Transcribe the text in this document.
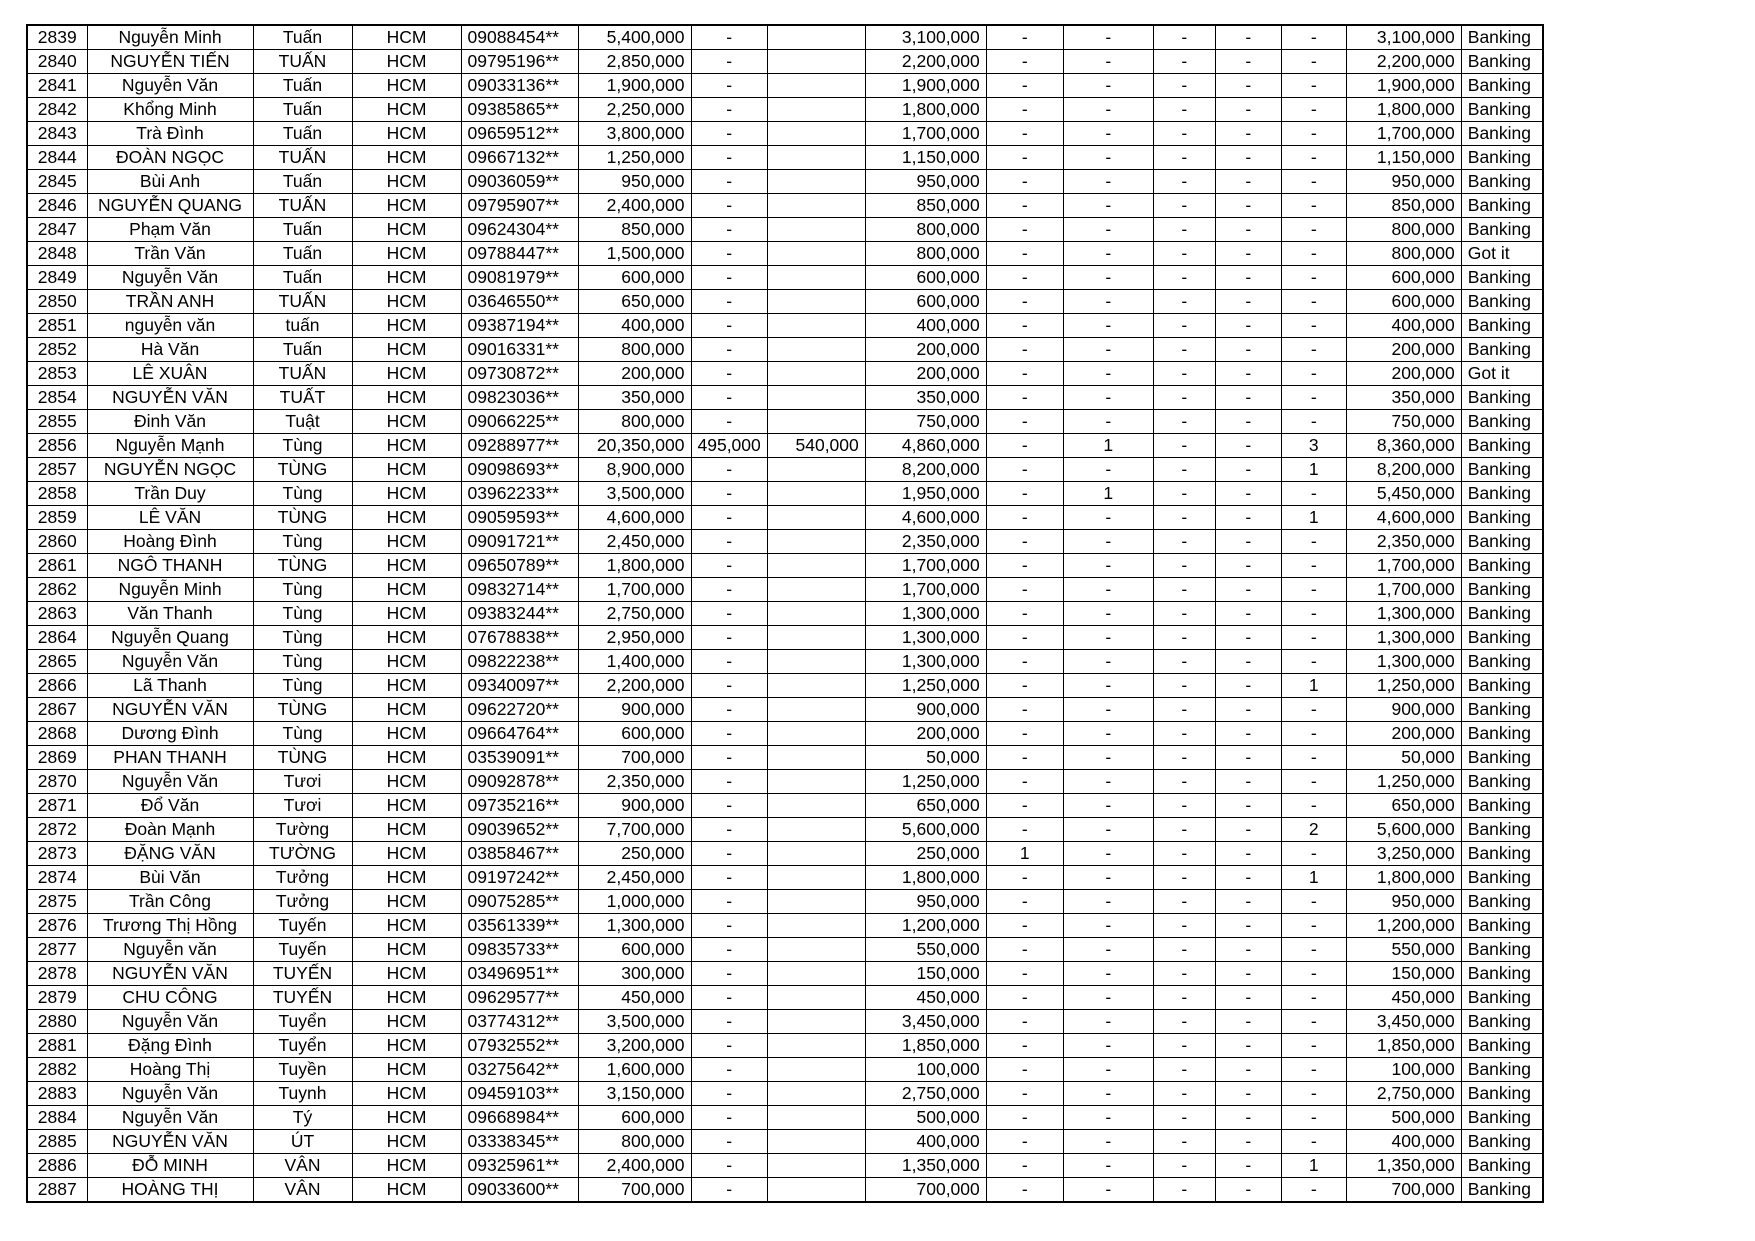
2839	Nguyễn Minh	Tuấn	HCM	09088454**	5,400,000	-		3,100,000	-	-	-	-	-	3,100,000	Banking
2840	NGUYỄN TIẾN	TUẤN	HCM	09795196**	2,850,000	-		2,200,000	-	-	-	-	-	2,200,000	Banking
2841	Nguyễn Văn	Tuấn	HCM	09033136**	1,900,000	-		1,900,000	-	-	-	-	-	1,900,000	Banking
2842	Khổng Minh	Tuấn	HCM	09385865**	2,250,000	-		1,800,000	-	-	-	-	-	1,800,000	Banking
2843	Trà Đình	Tuấn	HCM	09659512**	3,800,000	-		1,700,000	-	-	-	-	-	1,700,000	Banking
2844	ĐOÀN NGỌC	TUẤN	HCM	09667132**	1,250,000	-		1,150,000	-	-	-	-	-	1,150,000	Banking
2845	Bùi Anh	Tuấn	HCM	09036059**	950,000	-		950,000	-	-	-	-	-	950,000	Banking
2846	NGUYỄN QUANG	TUẤN	HCM	09795907**	2,400,000	-		850,000	-	-	-	-	-	850,000	Banking
2847	Phạm Văn	Tuấn	HCM	09624304**	850,000	-		800,000	-	-	-	-	-	800,000	Banking
2848	Trần Văn	Tuấn	HCM	09788447**	1,500,000	-		800,000	-	-	-	-	-	800,000	Got it
2849	Nguyễn Văn	Tuấn	HCM	09081979**	600,000	-		600,000	-	-	-	-	-	600,000	Banking
2850	TRẦN ANH	TUẤN	HCM	03646550**	650,000	-		600,000	-	-	-	-	-	600,000	Banking
2851	nguyễn văn	tuấn	HCM	09387194**	400,000	-		400,000	-	-	-	-	-	400,000	Banking
2852	Hà Văn	Tuấn	HCM	09016331**	800,000	-		200,000	-	-	-	-	-	200,000	Banking
2853	LÊ XUÂN	TUẤN	HCM	09730872**	200,000	-		200,000	-	-	-	-	-	200,000	Got it
2854	NGUYỄN VĂN	TUẤT	HCM	09823036**	350,000	-		350,000	-	-	-	-	-	350,000	Banking
2855	Đinh Văn	Tuật	HCM	09066225**	800,000	-		750,000	-	-	-	-	-	750,000	Banking
2856	Nguyễn Mạnh	Tùng	HCM	09288977**	20,350,000	495,000	540,000	4,860,000	-	1	-	-	3	8,360,000	Banking
2857	NGUYỄN NGỌC	TÙNG	HCM	09098693**	8,900,000	-		8,200,000	-	-	-	-	1	8,200,000	Banking
2858	Trần Duy	Tùng	HCM	03962233**	3,500,000	-		1,950,000	-	1	-	-	-	5,450,000	Banking
2859	LÊ VĂN	TÙNG	HCM	09059593**	4,600,000	-		4,600,000	-	-	-	-	1	4,600,000	Banking
2860	Hoàng Đình	Tùng	HCM	09091721**	2,450,000	-		2,350,000	-	-	-	-	-	2,350,000	Banking
2861	NGÔ THANH	TÙNG	HCM	09650789**	1,800,000	-		1,700,000	-	-	-	-	-	1,700,000	Banking
2862	Nguyễn Minh	Tùng	HCM	09832714**	1,700,000	-		1,700,000	-	-	-	-	-	1,700,000	Banking
2863	Văn Thanh	Tùng	HCM	09383244**	2,750,000	-		1,300,000	-	-	-	-	-	1,300,000	Banking
2864	Nguyễn Quang	Tùng	HCM	07678838**	2,950,000	-		1,300,000	-	-	-	-	-	1,300,000	Banking
2865	Nguyễn Văn	Tùng	HCM	09822238**	1,400,000	-		1,300,000	-	-	-	-	-	1,300,000	Banking
2866	Lã Thanh	Tùng	HCM	09340097**	2,200,000	-		1,250,000	-	-	-	-	1	1,250,000	Banking
2867	NGUYỄN VĂN	TÙNG	HCM	09622720**	900,000	-		900,000	-	-	-	-	-	900,000	Banking
2868	Dương Đình	Tùng	HCM	09664764**	600,000	-		200,000	-	-	-	-	-	200,000	Banking
2869	PHAN THANH	TÙNG	HCM	03539091**	700,000	-		50,000	-	-	-	-	-	50,000	Banking
2870	Nguyễn Văn	Tươi	HCM	09092878**	2,350,000	-		1,250,000	-	-	-	-	-	1,250,000	Banking
2871	Đổ Văn	Tươi	HCM	09735216**	900,000	-		650,000	-	-	-	-	-	650,000	Banking
2872	Đoàn Mạnh	Tường	HCM	09039652**	7,700,000	-		5,600,000	-	-	-	-	2	5,600,000	Banking
2873	ĐẶNG VĂN	TƯỜNG	HCM	03858467**	250,000	-		250,000	1	-	-	-	-	3,250,000	Banking
2874	Bùi Văn	Tưởng	HCM	09197242**	2,450,000	-		1,800,000	-	-	-	-	1	1,800,000	Banking
2875	Trần Công	Tưởng	HCM	09075285**	1,000,000	-		950,000	-	-	-	-	-	950,000	Banking
2876	Trương Thị Hồng	Tuyến	HCM	03561339**	1,300,000	-		1,200,000	-	-	-	-	-	1,200,000	Banking
2877	Nguyễn văn	Tuyến	HCM	09835733**	600,000	-		550,000	-	-	-	-	-	550,000	Banking
2878	NGUYỄN VĂN	TUYẾN	HCM	03496951**	300,000	-		150,000	-	-	-	-	-	150,000	Banking
2879	CHU CÔNG	TUYẾN	HCM	09629577**	450,000	-		450,000	-	-	-	-	-	450,000	Banking
2880	Nguyễn Văn	Tuyển	HCM	03774312**	3,500,000	-		3,450,000	-	-	-	-	-	3,450,000	Banking
2881	Đặng Đình	Tuyển	HCM	07932552**	3,200,000	-		1,850,000	-	-	-	-	-	1,850,000	Banking
2882	Hoàng Thị	Tuyền	HCM	03275642**	1,600,000	-		100,000	-	-	-	-	-	100,000	Banking
2883	Nguyễn Văn	Tuynh	HCM	09459103**	3,150,000	-		2,750,000	-	-	-	-	-	2,750,000	Banking
2884	Nguyễn Văn	Tý	HCM	09668984**	600,000	-		500,000	-	-	-	-	-	500,000	Banking
2885	NGUYỄN VĂN	ÚT	HCM	03338345**	800,000	-		400,000	-	-	-	-	-	400,000	Banking
2886	ĐỖ MINH	VÂN	HCM	09325961**	2,400,000	-		1,350,000	-	-	-	-	1	1,350,000	Banking
2887	HOÀNG THỊ	VÂN	HCM	09033600**	700,000	-		700,000	-	-	-	-	-	700,000	Banking
